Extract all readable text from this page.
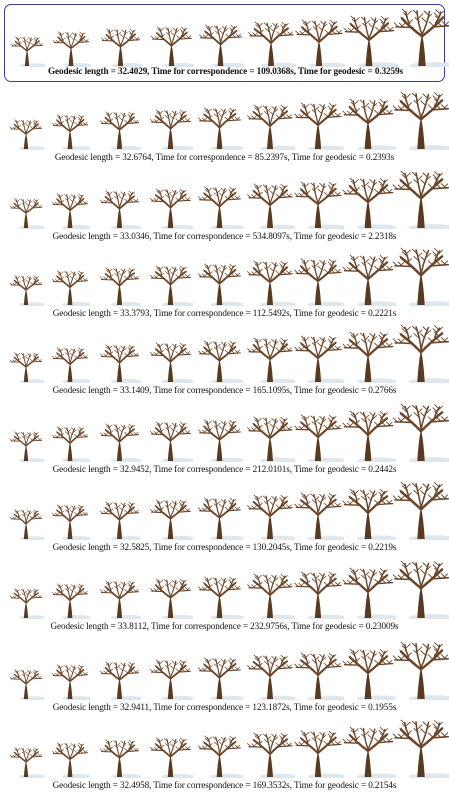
Geodesic length = 32.4029, Time for correspondence = 109.0368s, Time for geodesic = 0.3259s
Geodesic length = 32.6764, Time for correspondence = 85.2397s, Time for geodesic = 0.2393s
Geodesic length = 33.0346, Time for correspondence = 534.8097s, Time for geodesic = 2.2318s
Geodesic length = 33.3793, Time for correspondence = 112.5492s, Time for geodesic = 0.2221s
Geodesic length = 33.1409, Time for correspondence = 165.1095s, Time for geodesic = 0.2766s
Geodesic length = 32.9452, Time for correspondence = 212.0101s, Time for geodesic = 0.2442s
Geodesic length = 32.5825, Time for correspondence = 130.2045s, Time for geodesic = 0.2219s
Geodesic length = 33.8112, Time for correspondence = 232.9756s, Time for geodesic = 0.23009s
Geodesic length = 32.9411, Time for correspondence = 123.1872s, Time for geodesic = 0.1955s
Geodesic length = 32.4958, Time for correspondence = 169.3532s, Time for geodesic = 0.2154s
